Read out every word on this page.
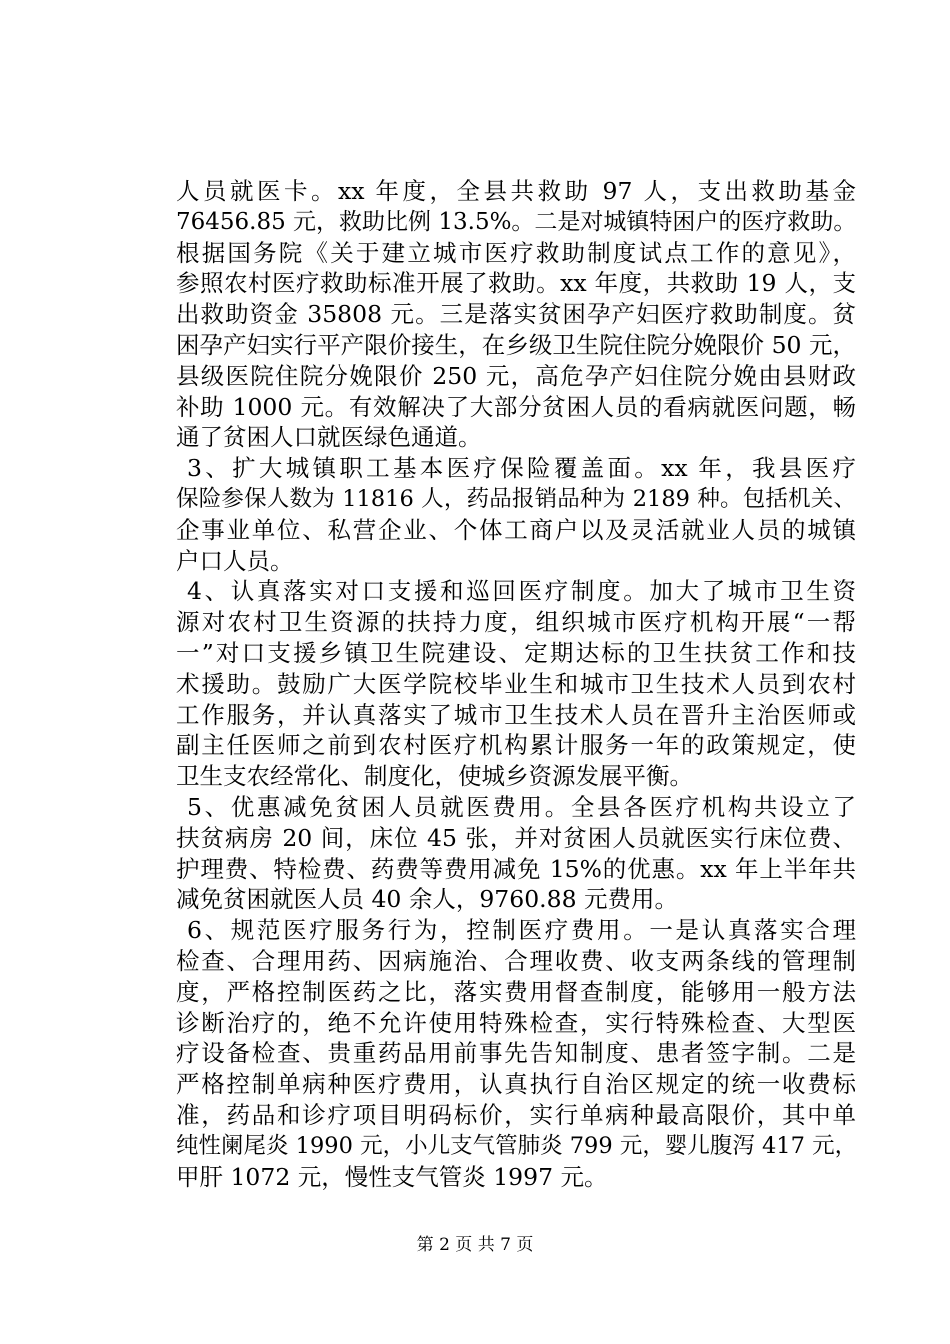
人员就医卡。xx 年度，全县共救助 97 人，支出救助基金
76456.85 元，救助比例 13.5%。二是对城镇特困户的医疗救助。
根据国务院《关于建立城市医疗救助制度试点工作的意见》，
参照农村医疗救助标准开展了救助。xx 年度，共救助 19 人，支
出救助资金 35808 元。三是落实贫困孕产妇医疗救助制度。贫
困孕产妇实行平产限价接生，在乡级卫生院住院分娩限价 50 元，
县级医院住院分娩限价 250 元，高危孕产妇住院分娩由县财政
补助 1000 元。有效解决了大部分贫困人员的看病就医问题，畅
通了贫困人口就医绿色通道。
3、扩大城镇职工基本医疗保险覆盖面。xx 年，我县医疗
保险参保人数为 11816 人，药品报销品种为 2189 种。包括机关、
企事业单位、私营企业、个体工商户以及灵活就业人员的城镇
户口人员。
4、认真落实对口支援和巡回医疗制度。加大了城市卫生资
源对农村卫生资源的扶持力度，组织城市医疗机构开展“一帮
一”对口支援乡镇卫生院建设、定期达标的卫生扶贫工作和技
术援助。鼓励广大医学院校毕业生和城市卫生技术人员到农村
工作服务，并认真落实了城市卫生技术人员在晋升主治医师或
副主任医师之前到农村医疗机构累计服务一年的政策规定，使
卫生支农经常化、制度化，使城乡资源发展平衡。
5、优惠减免贫困人员就医费用。全县各医疗机构共设立了
扶贫病房 20 间，床位 45 张，并对贫困人员就医实行床位费、
护理费、特检费、药费等费用减免 15%的优惠。xx 年上半年共
减免贫困就医人员 40 余人，9760.88 元费用。
6、规范医疗服务行为，控制医疗费用。一是认真落实合理
检查、合理用药、因病施治、合理收费、收支两条线的管理制
度，严格控制医药之比，落实费用督查制度，能够用一般方法
诊断治疗的，绝不允许使用特殊检查，实行特殊检查、大型医
疗设备检查、贵重药品用前事先告知制度、患者签字制。二是
严格控制单病种医疗费用，认真执行自治区规定的统一收费标
准，药品和诊疗项目明码标价，实行单病种最高限价，其中单
纯性阑尾炎 1990 元，小儿支气管肺炎 799 元，婴儿腹泻 417 元，
甲肝 1072 元，慢性支气管炎 1997 元。
第 2 页 共 7 页
